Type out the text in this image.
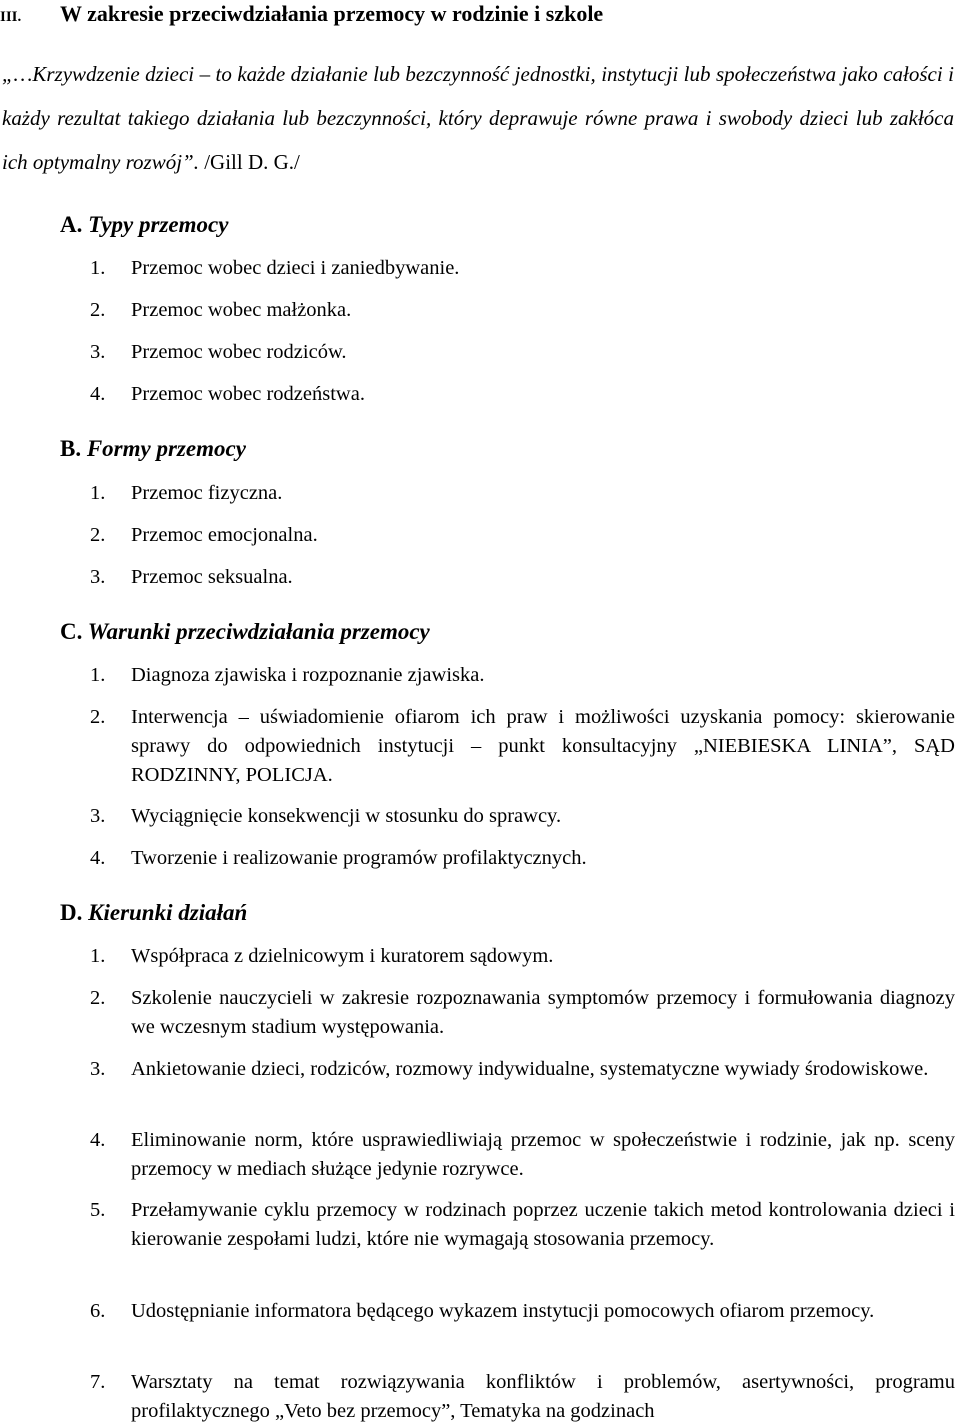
III. W zakresie przeciwdziałania przemocy w rodzinie i szkole

„…Krzywdzenie dzieci – to każde działanie lub bezczynność jednostki, instytucji lub społeczeństwa jako całości i każdy rezultat takiego działania lub bezczynności, który deprawuje równe prawa i swobody dzieci lub zakłóca ich optymalny rozwój”. /Gill D. G./

A. Typy przemocy

1.	Przemoc wobec dzieci i zaniedbywanie.

2.	Przemoc wobec małżonka.

3.	Przemoc wobec rodziców.

4.	Przemoc wobec rodzeństwa.

B. Formy przemocy

1.	Przemoc fizyczna.

2.	Przemoc emocjonalna.

3.	Przemoc seksualna.

C. Warunki przeciwdziałania przemocy

1.	Diagnoza zjawiska i rozpoznanie zjawiska.

2.	Interwencja – uświadomienie ofiarom ich praw i możliwości uzyskania pomocy: skierowanie sprawy do odpowiednich instytucji – punkt konsultacyjny „NIEBIESKA LINIA”, SĄD RODZINNY, POLICJA.

3.	Wyciągnięcie konsekwencji w stosunku do sprawcy.

4.	Tworzenie i realizowanie programów profilaktycznych.

D. Kierunki działań

1.	Współpraca z dzielnicowym i kuratorem sądowym.

2.	Szkolenie nauczycieli w zakresie rozpoznawania symptomów przemocy i formułowania diagnozy we wczesnym stadium występowania.

3.	Ankietowanie dzieci, rodziców, rozmowy indywidualne, systematyczne wywiady środowiskowe.

4.	Eliminowanie norm, które usprawiedliwiają przemoc w społeczeństwie i rodzinie, jak np. sceny przemocy w mediach służące jedynie rozrywce.

5.	Przełamywanie cyklu przemocy w rodzinach poprzez uczenie takich metod kontrolowania dzieci i kierowanie zespołami ludzi, które nie wymagają stosowania przemocy.

6.	Udostępnianie informatora będącego wykazem instytucji pomocowych ofiarom przemocy.

7.	Warsztaty na temat rozwiązywania konfliktów i problemów, asertywności, programu profilaktycznego „Veto bez przemocy”, Tematyka na godzinach
